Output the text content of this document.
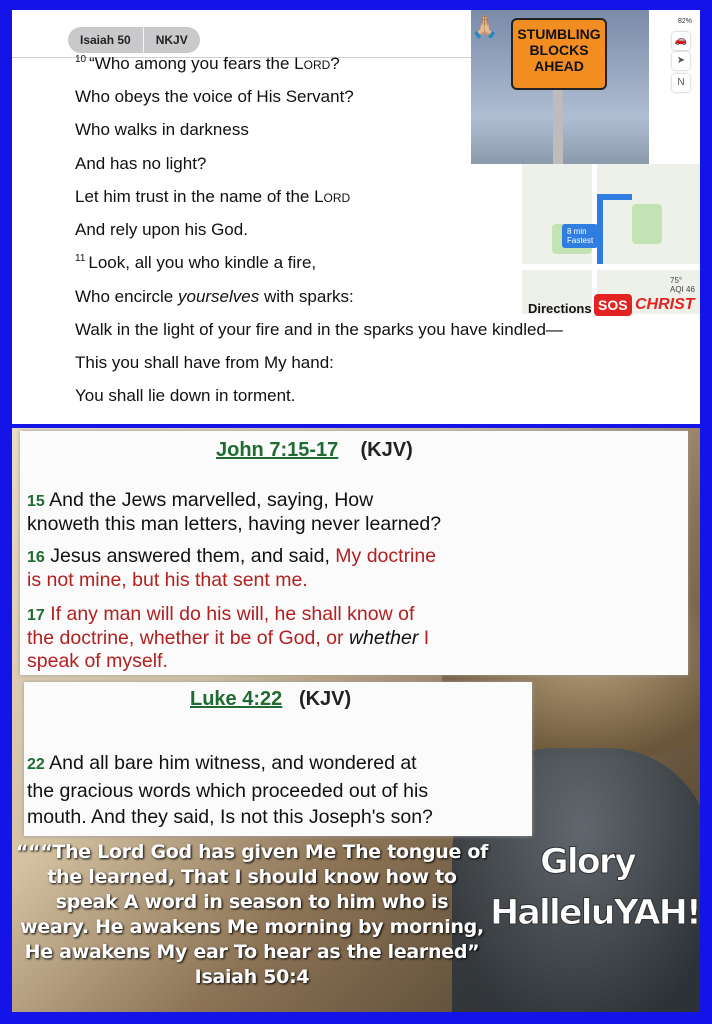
Isaiah 50	NKJV
$^{10}$ “Who among you fears the Lord?
Who obeys the voice of His Servant?
Who walks in darkness
And has no light?
Let him trust in the name of the Lord
And rely upon his God.
$^{11}$ Look, all you who kindle a fire,
Who encircle yourselves with sparks:
Walk in the light of your fire and in the sparks you have kindled—
This you shall have from My hand:
You shall lie down in torment.
🙏🏼	STUMBLING
BLOCKS
AHEAD
8 min
Fastest
75°
AQI 46
82%
🚗
➤
N
Directions SOS CHRIST
John 7:15-17 (KJV)
15 And the Jews marvelled, saying, How
knoweth this man letters, having never learned?
16 Jesus answered them, and said, My doctrine
is not mine, but his that sent me.
17 If any man will do his will, he shall know of
the doctrine, whether it be of God, or whether I
speak of myself.
Luke 4:22 (KJV)
22 And all bare him witness, and wondered at
the gracious words which proceeded out of his
mouth. And they said, Is not this Joseph's son?
“““The Lord God has given Me The tongue of
the learned, That I should know how to
speak A word in season to him who is
weary. He awakens Me morning by morning,
He awakens My ear To hear as the learned”
Isaiah 50:4
Glory
HalleluYAH!
